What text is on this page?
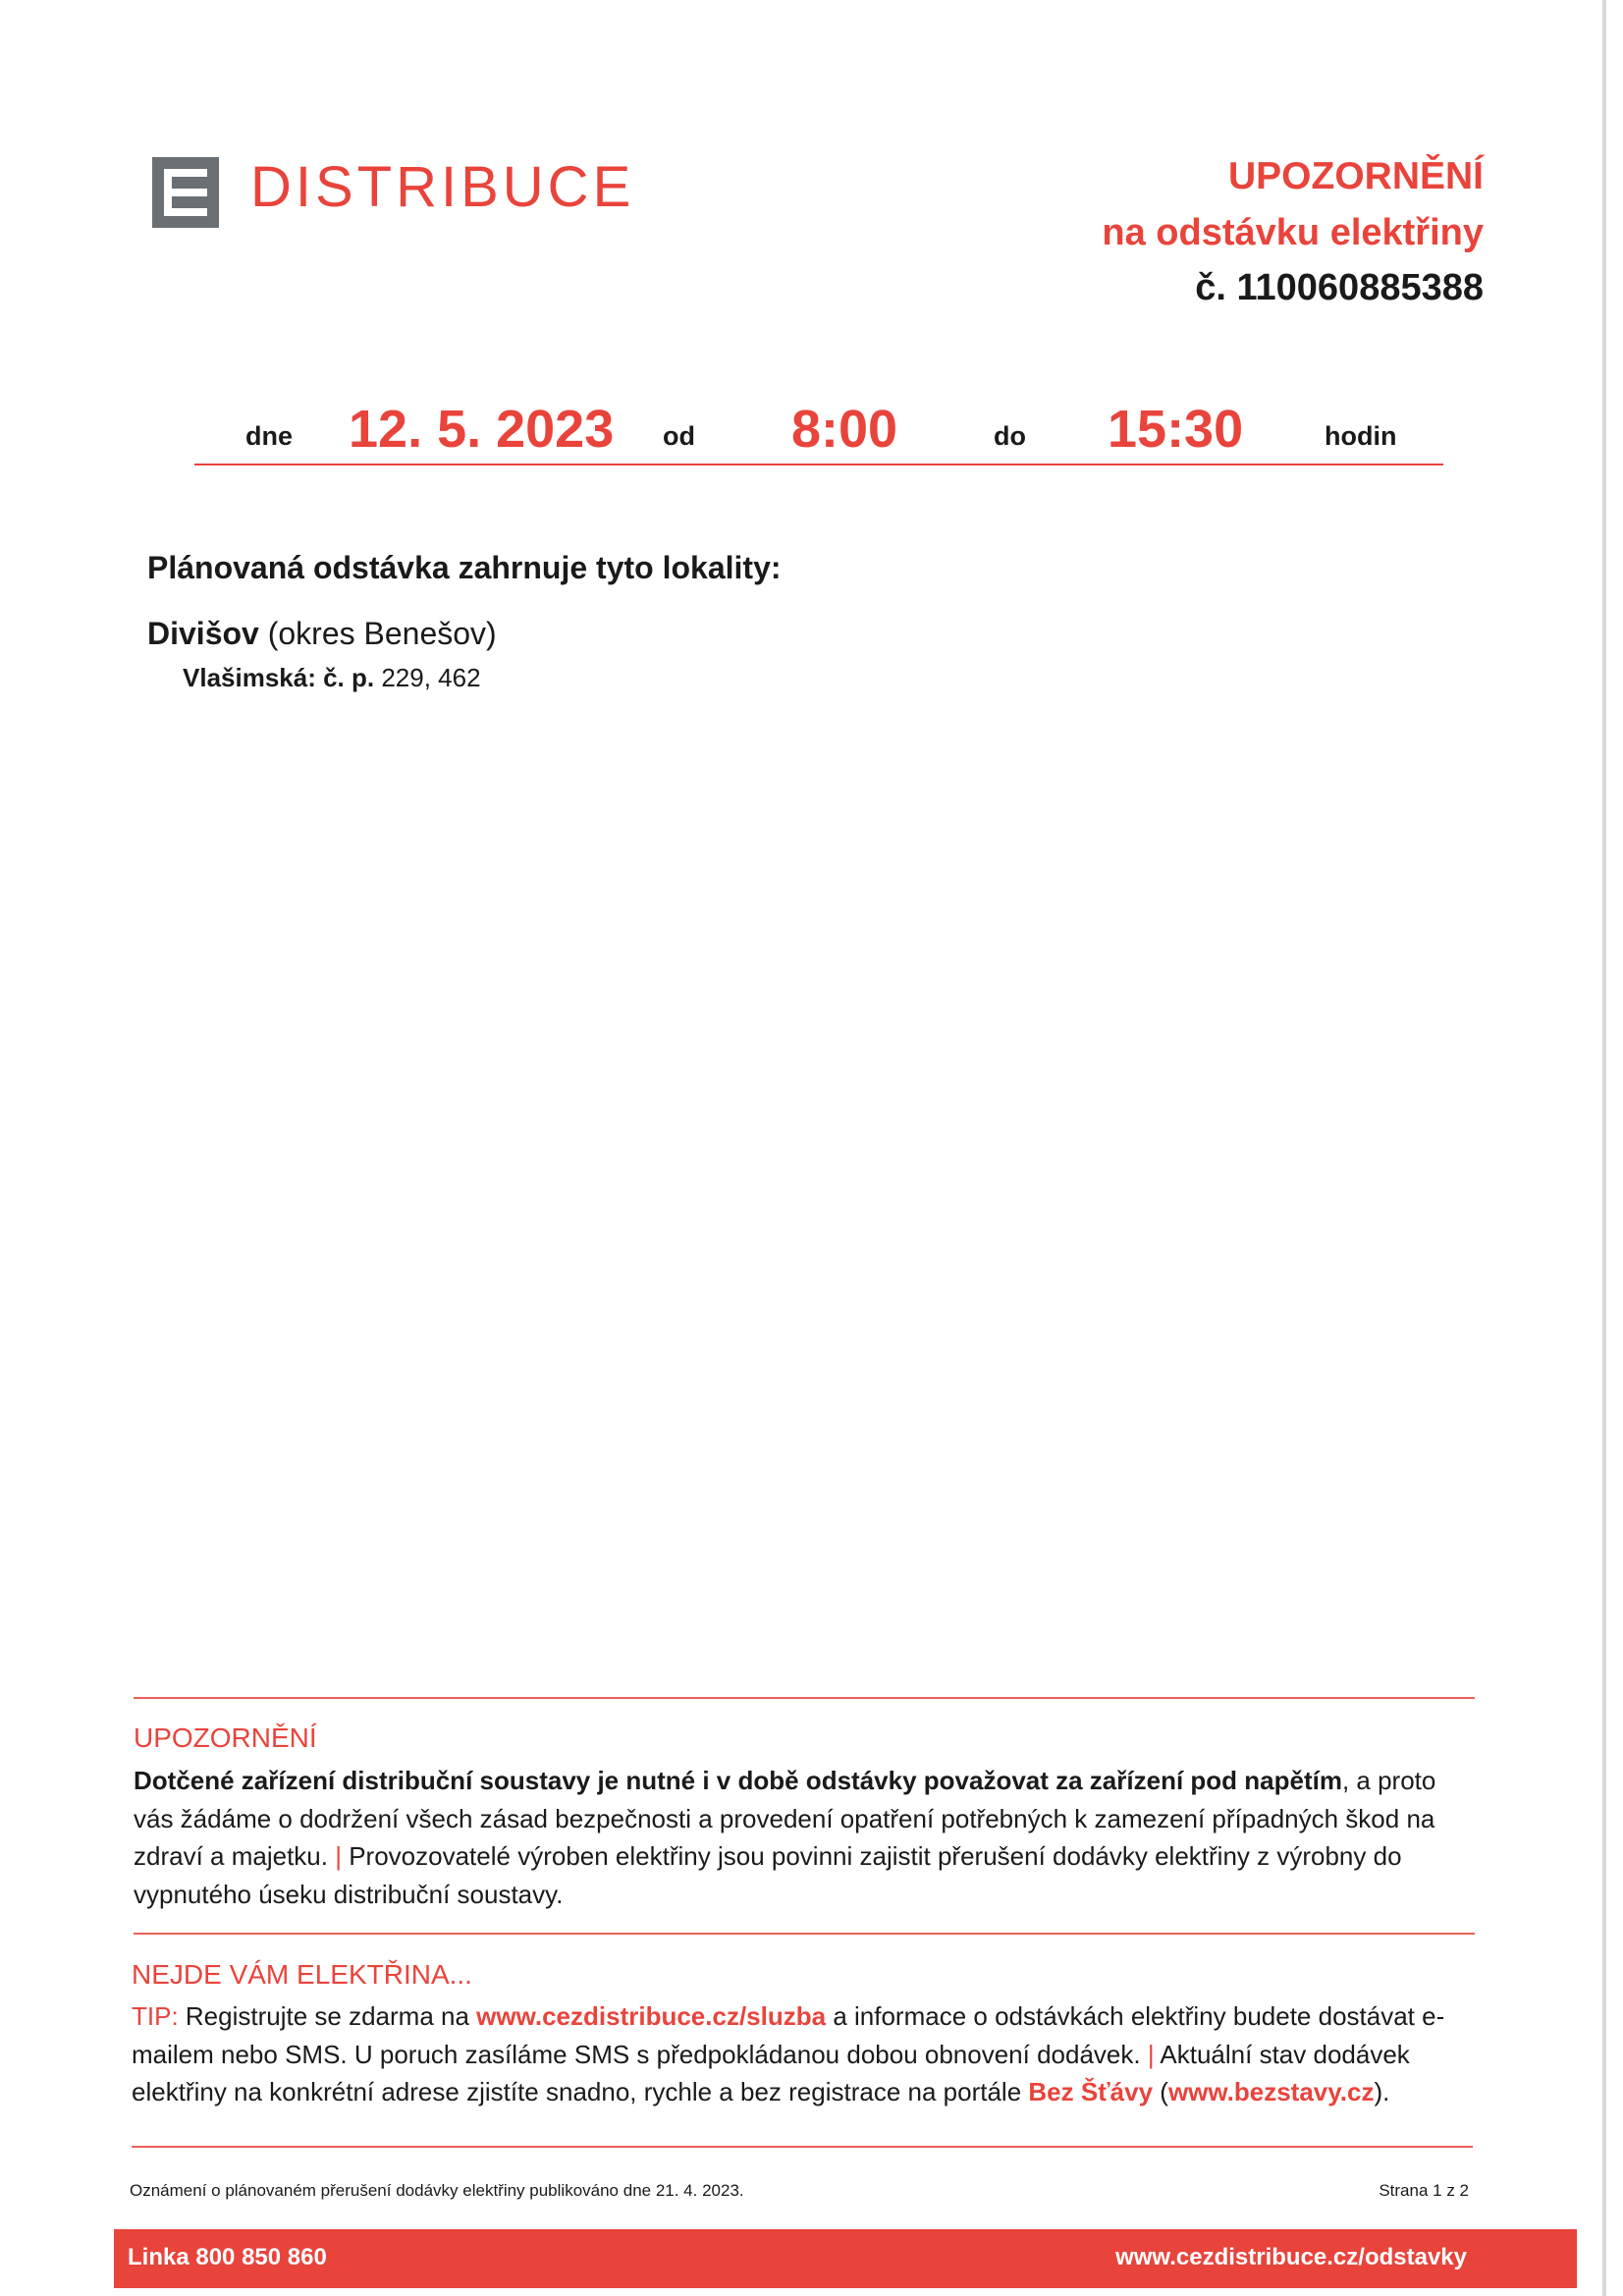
DISTRIBUCE	UPOZORNĚNÍ
na odstávku elektřiny
č. 110060885388
dne 12. 5. 2023 od 8:00	do 15:30	hodin
Plánovaná odstávka zahrnuje tyto lokality:
Divišov (okres Benešov)
Vlašimská: č. p. 229, 462
UPOZORNĚNÍ
Dotčené zařízení distribuční soustavy je nutné i v době odstávky považovat za zařízení pod napětím, a proto vás žádáme o dodržení všech zásad bezpečnosti a provedení opatření potřebných k zamezení případných škod na zdraví a majetku. | Provozovatelé výroben elektřiny jsou povinni zajistit přerušení dodávky elektřiny z výrobny do vypnutého úseku distribuční soustavy.
NEJDE VÁM ELEKTŘINA...
TIP: Registrujte se zdarma na www.cezdistribuce.cz/sluzba a informace o odstávkách elektřiny budete dostávat e-mailem nebo SMS. U poruch zasíláme SMS s předpokládanou dobou obnovení dodávek. | Aktuální stav dodávek elektřiny na konkrétní adrese zjistíte snadno, rychle a bez registrace na portále Bez Šťávy (www.bezstavy.cz).
Oznámení o plánovaném přerušení dodávky elektřiny publikováno dne 21. 4. 2023.	Strana 1 z 2
Linka 800 850 860	www.cezdistribuce.cz/odstavky
